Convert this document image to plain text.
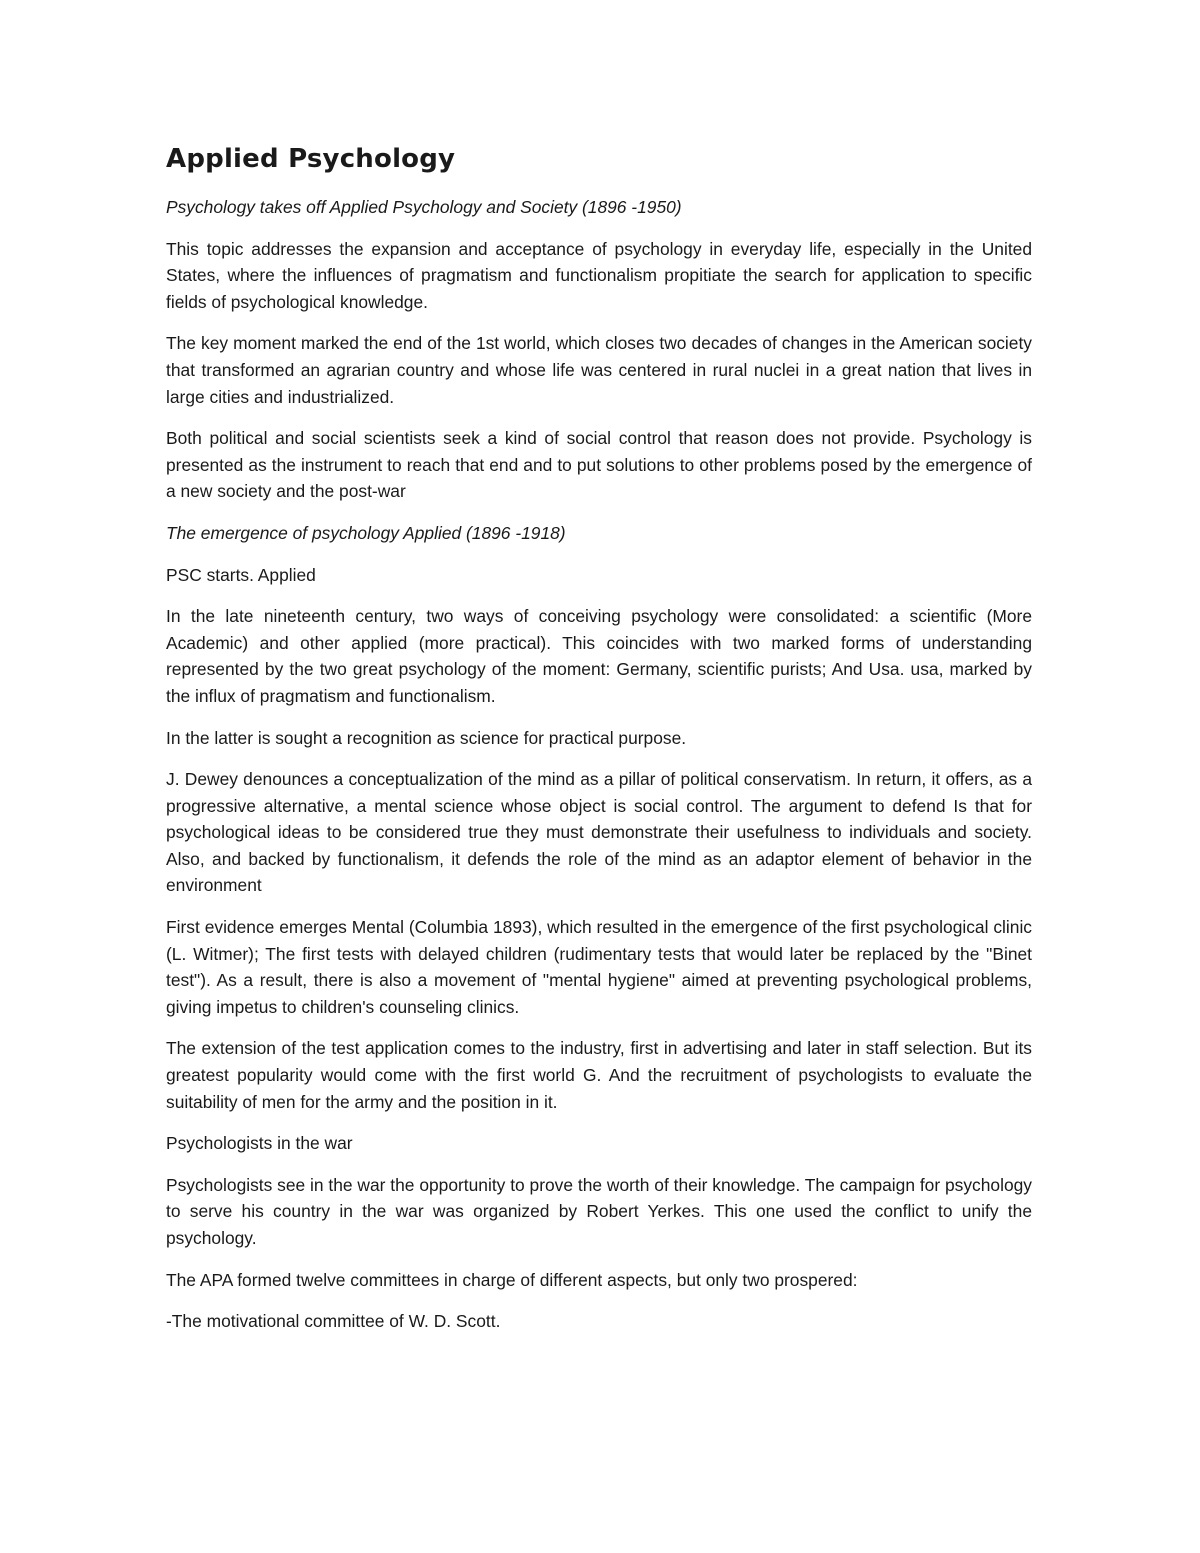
Applied Psychology

Psychology takes off Applied Psychology and Society (1896 -1950)

This topic addresses the expansion and acceptance of psychology in everyday life, especially in the United States, where the influences of pragmatism and functionalism propitiate the search for application to specific fields of psychological knowledge.

The key moment marked the end of the 1st world, which closes two decades of changes in the American society that transformed an agrarian country and whose life was centered in rural nuclei in a great nation that lives in large cities and industrialized.

Both political and social scientists seek a kind of social control that reason does not provide. Psychology is presented as the instrument to reach that end and to put solutions to other problems posed by the emergence of a new society and the post-war

The emergence of psychology Applied (1896 -1918)

PSC starts. Applied

In the late nineteenth century, two ways of conceiving psychology were consolidated: a scientific (More Academic) and other applied (more practical). This coincides with two marked forms of understanding represented by the two great psychology of the moment: Germany, scientific purists; And Usa. usa, marked by the influx of pragmatism and functionalism.

In the latter is sought a recognition as science for practical purpose.

J. Dewey denounces a conceptualization of the mind as a pillar of political conservatism. In return, it offers, as a progressive alternative, a mental science whose object is social control. The argument to defend Is that for psychological ideas to be considered true they must demonstrate their usefulness to individuals and society. Also, and backed by functionalism, it defends the role of the mind as an adaptor element of behavior in the environment

First evidence emerges Mental (Columbia 1893), which resulted in the emergence of the first psychological clinic (L. Witmer); The first tests with delayed children (rudimentary tests that would later be replaced by the "Binet test"). As a result, there is also a movement of "mental hygiene" aimed at preventing psychological problems, giving impetus to children's counseling clinics.

The extension of the test application comes to the industry, first in advertising and later in staff selection. But its greatest popularity would come with the first world G. And the recruitment of psychologists to evaluate the suitability of men for the army and the position in it.

Psychologists in the war

Psychologists see in the war the opportunity to prove the worth of their knowledge. The campaign for psychology to serve his country in the war was organized by Robert Yerkes. This one used the conflict to unify the psychology.

The APA formed twelve committees in charge of different aspects, but only two prospered:

-The motivational committee of W. D. Scott.
